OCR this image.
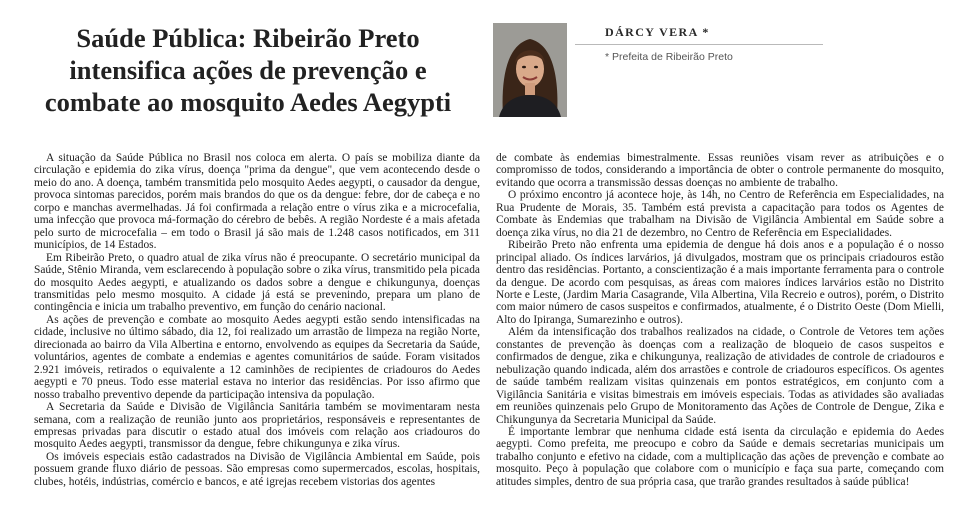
Saúde Pública: Ribeirão Preto
intensifica ações de prevenção e
combate ao mosquito Aedes Aegypti
DÁRCY VERA *
* Prefeita de Ribeirão Preto

A situação da Saúde Pública no Brasil nos coloca em alerta. O país se mobiliza diante da circulação e epidemia do zika vírus, doença "prima da dengue", que vem acontecendo desde o meio do ano. A doença, também transmitida pelo mosquito Aedes aegypti, o causador da dengue, provoca sintomas parecidos, porém mais brandos do que os da dengue: febre, dor de cabeça e no corpo e manchas avermelhadas. Já foi confirmada a relação entre o vírus zika e a microcefalia, uma infecção que provoca má-formação do cérebro de bebês. A região Nordeste é a mais afetada pelo surto de microcefalia – em todo o Brasil já são mais de 1.248 casos notificados, em 311 municípios, de 14 Estados.

Em Ribeirão Preto, o quadro atual de zika vírus não é preocupante. O secretário municipal da Saúde, Stênio Miranda, vem esclarecendo à população sobre o zika vírus, transmitido pela picada do mosquito Aedes aegypti, e atualizando os dados sobre a dengue e chikungunya, doenças transmitidas pelo mesmo mosquito. A cidade já está se prevenindo, prepara um plano de contingência e inicia um trabalho preventivo, em função do cenário nacional.

As ações de prevenção e combate ao mosquito Aedes aegypti estão sendo intensificadas na cidade, inclusive no último sábado, dia 12, foi realizado um arrastão de limpeza na região Norte, direcionada ao bairro da Vila Albertina e entorno, envolvendo as equipes da Secretaria da Saúde, voluntários, agentes de combate a endemias e agentes comunitários de saúde. Foram visitados 2.921 imóveis, retirados o equivalente a 12 caminhões de recipientes de criadouros do Aedes aegypti e 70 pneus. Todo esse material estava no interior das residências. Por isso afirmo que nosso trabalho preventivo depende da participação intensiva da população.

A Secretaria da Saúde e Divisão de Vigilância Sanitária também se movimentaram nesta semana, com a realização de reunião junto aos proprietários, responsáveis e representantes de empresas privadas para discutir o estado atual dos imóveis com relação aos criadouros do mosquito Aedes aegypti, transmissor da dengue, febre chikungunya e zika vírus.

Os imóveis especiais estão cadastrados na Divisão de Vigilância Ambiental em Saúde, pois possuem grande fluxo diário de pessoas. São empresas como supermercados, escolas, hospitais, clubes, hotéis, indústrias, comércio e bancos, e até igrejas recebem vistorias dos agentes

de combate às endemias bimestralmente. Essas reuniões visam rever as atribuições e o compromisso de todos, considerando a importância de obter o controle permanente do mosquito, evitando que ocorra a transmissão dessas doenças no ambiente de trabalho.

O próximo encontro já acontece hoje, às 14h, no Centro de Referência em Especialidades, na Rua Prudente de Morais, 35. Também está prevista a capacitação para todos os Agentes de Combate às Endemias que trabalham na Divisão de Vigilância Ambiental em Saúde sobre a doença zika vírus, no dia 21 de dezembro, no Centro de Referência em Especialidades.

Ribeirão Preto não enfrenta uma epidemia de dengue há dois anos e a população é o nosso principal aliado. Os índices larvários, já divulgados, mostram que os principais criadouros estão dentro das residências. Portanto, a conscientização é a mais importante ferramenta para o controle da dengue. De acordo com pesquisas, as áreas com maiores índices larvários estão no Distrito Norte e Leste, (Jardim Maria Casagrande, Vila Albertina, Vila Recreio e outros), porém, o Distrito com maior número de casos suspeitos e confirmados, atualmente, é o Distrito Oeste (Dom Mielli, Alto do Ipiranga, Sumarezinho e outros).

Além da intensificação dos trabalhos realizados na cidade, o Controle de Vetores tem ações constantes de prevenção às doenças com a realização de bloqueio de casos suspeitos e confirmados de dengue, zika e chikungunya, realização de atividades de controle de criadouros e nebulização quando indicada, além dos arrastões e controle de criadouros específicos. Os agentes de saúde também realizam visitas quinzenais em pontos estratégicos, em conjunto com a Vigilância Sanitária e visitas bimestrais em imóveis especiais. Todas as atividades são avaliadas em reuniões quinzenais pelo Grupo de Monitoramento das Ações de Controle de Dengue, Zika e Chikungunya da Secretaria Municipal da Saúde.

É importante lembrar que nenhuma cidade está isenta da circulação e epidemia do Aedes aegypti. Como prefeita, me preocupo e cobro da Saúde e demais secretarias municipais um trabalho conjunto e efetivo na cidade, com a multiplicação das ações de prevenção e combate ao mosquito. Peço à população que colabore com o município e faça sua parte, começando com atitudes simples, dentro de sua própria casa, que trarão grandes resultados à saúde pública!
